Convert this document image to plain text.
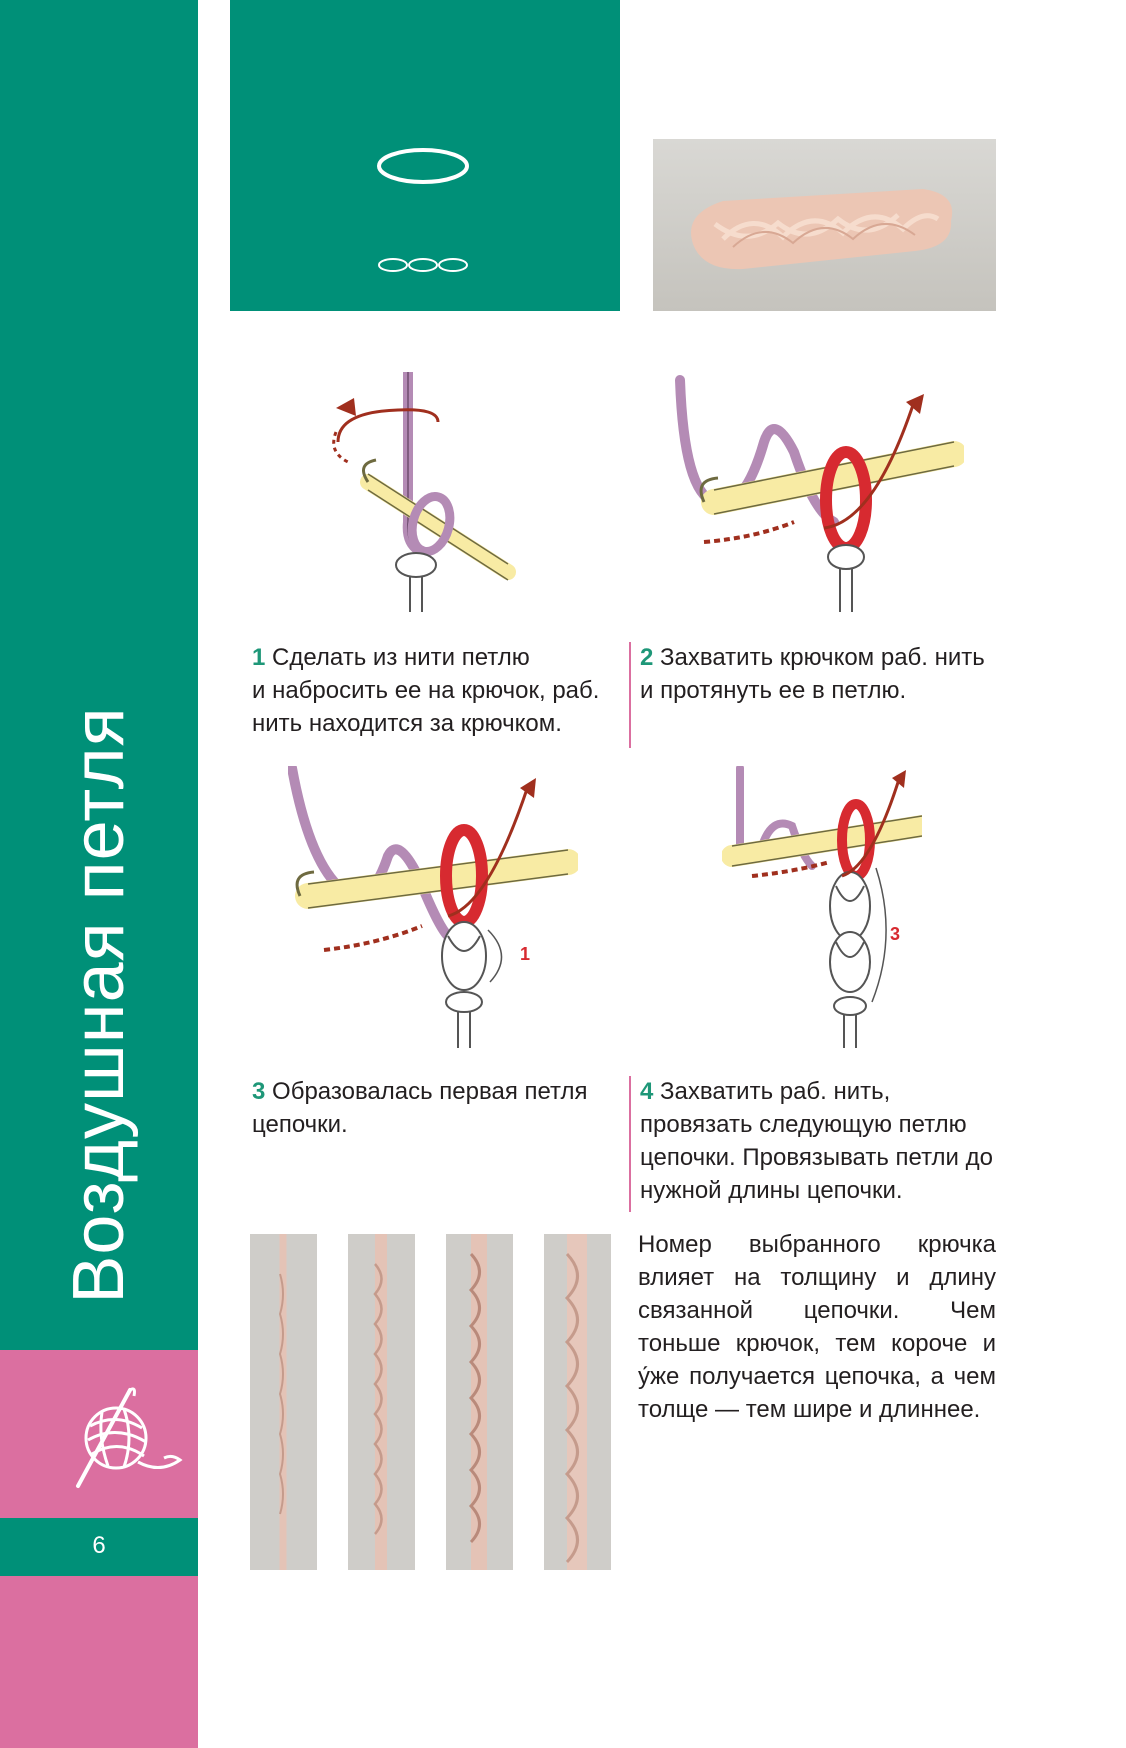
Воздушная петля
6

1 Сделать из нити петлю
и набросить ее на крючок, раб.
нить находится за крючком.

2 Захватить крючком раб. нить
и протянуть ее в петлю.

1
3

3 Образовалась первая петля
цепочки.

4 Захватить раб. нить,
провязать следующую петлю
цепочки. Провязывать петли до
нужной длины цепочки.

Номер выбранного крючка влияет на толщину и длину связанной цепочки. Чем тоньше крючок, тем короче и у́же получается цепочка, а чем толще — тем шире и длиннее.
